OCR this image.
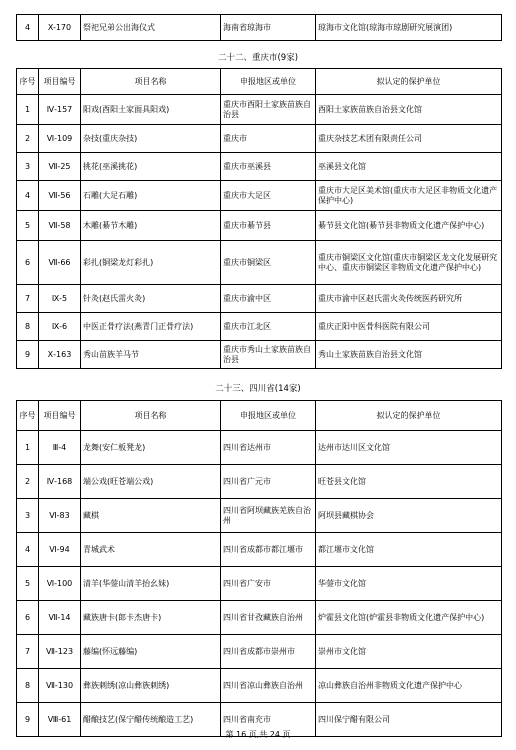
4	X-170	祭祀兄弟公出海仪式	海南省琼海市	琼海市文化馆(琼海市琼剧研究展演团)
二十二、重庆市(9家)
序号	项目编号	项目名称	申报地区或单位	拟认定的保护单位
1	Ⅳ-157	阳戏(酉阳土家面具阳戏)	重庆市酉阳土家族苗族自治县	酉阳土家族苗族自治县文化馆
2	Ⅵ-109	杂技(重庆杂技)	重庆市	重庆杂技艺术团有限责任公司
3	Ⅶ-25	挑花(巫溪挑花)	重庆市巫溪县	巫溪县文化馆
4	Ⅶ-56	石雕(大足石雕)	重庆市大足区	重庆市大足区美术馆(重庆市大足区非物质文化遗产保护中心)
5	Ⅶ-58	木雕(綦节木雕)	重庆市綦节县	綦节县文化馆(綦节县非物质文化遗产保护中心)
6	Ⅶ-66	彩扎(铜梁龙灯彩扎)	重庆市铜梁区	重庆市铜梁区文化馆(重庆市铜梁区龙文化发展研究中心、重庆市铜梁区非物质文化遗产保护中心)
7	Ⅸ-5	针灸(赵氏雷火灸)	重庆市渝中区	重庆市渝中区赵氏雷火灸传统医药研究所
8	Ⅸ-6	中医正骨疗法(燕青门正骨疗法)	重庆市江北区	重庆正阳中医骨科医院有限公司
9	Ⅹ-163	秀山苗族羊马节	重庆市秀山土家族苗族自治县	秀山土家族苗族自治县文化馆
二十三、四川省(14家)
序号	项目编号	项目名称	申报地区或单位	拟认定的保护单位
1	Ⅲ-4	龙舞(安仁板凳龙)	四川省达州市	达州市达川区文化馆
2	Ⅳ-168	端公戏(旺苍端公戏)	四川省广元市	旺苍县文化馆
3	Ⅵ-83	藏棋	四川省阿坝藏族羌族自治州	阿坝县藏棋协会
4	Ⅵ-94	青城武术	四川省成都市都江堰市	都江堰市文化馆
5	Ⅵ-100	清羊(华蓥山清羊抬幺妹)	四川省广安市	华蓥市文化馆
6	Ⅶ-14	藏族唐卡(郎卡杰唐卡)	四川省甘孜藏族自治州	炉霍县文化馆(炉霍县非物质文化遗产保护中心)
7	Ⅶ-123	藤编(怀远藤编)	四川省成都市崇州市	崇州市文化馆
8	Ⅶ-130	彝族刺绣(凉山彝族刺绣)	四川省凉山彝族自治州	凉山彝族自治州非物质文化遗产保护中心
9	Ⅷ-61	醋酿技艺(保宁醋传统酿造工艺)	四川省南充市	四川保宁醋有限公司
第 16 页,共 24 页
